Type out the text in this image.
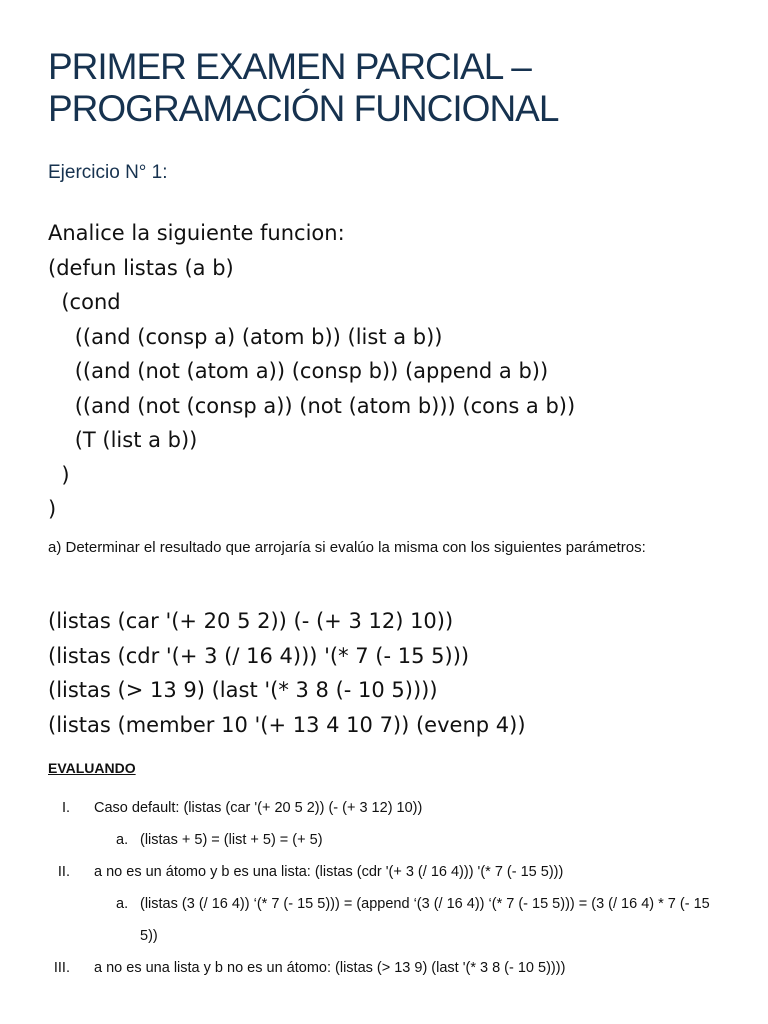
PRIMER EXAMEN PARCIAL –
PROGRAMACIÓN FUNCIONAL
Ejercicio N° 1:
Analice la siguiente funcion:
(defun listas (a b)
(cond
((and (consp a) (atom b)) (list a b))
((and (not (atom a)) (consp b)) (append a b))
((and (not (consp a)) (not (atom b))) (cons a b))
(T (list a b))
)
)
a) Determinar el resultado que arrojaría si evalúo la misma con los siguientes parámetros:
(listas (car '(+ 20 5 2)) (- (+ 3 12) 10))
(listas (cdr '(+ 3 (/ 16 4))) '(* 7 (- 15 5)))
(listas (> 13 9) (last '(* 3 8 (- 10 5))))
(listas (member 10 '(+ 13 4 10 7)) (evenp 4))
EVALUANDO
I.	Caso default: (listas (car '(+ 20 5 2)) (- (+ 3 12) 10))
a. (listas + 5) = (list + 5) = (+ 5)
II.	a no es un átomo y b es una lista: (listas (cdr '(+ 3 (/ 16 4))) '(* 7 (- 15 5)))
a. (listas (3 (/ 16 4)) ‘(* 7 (- 15 5))) = (append ‘(3 (/ 16 4)) ‘(* 7 (- 15 5))) = (3 (/ 16 4) * 7 (- 15 5))
III.	a no es una lista y b no es un átomo: (listas (> 13 9) (last '(* 3 8 (- 10 5))))
